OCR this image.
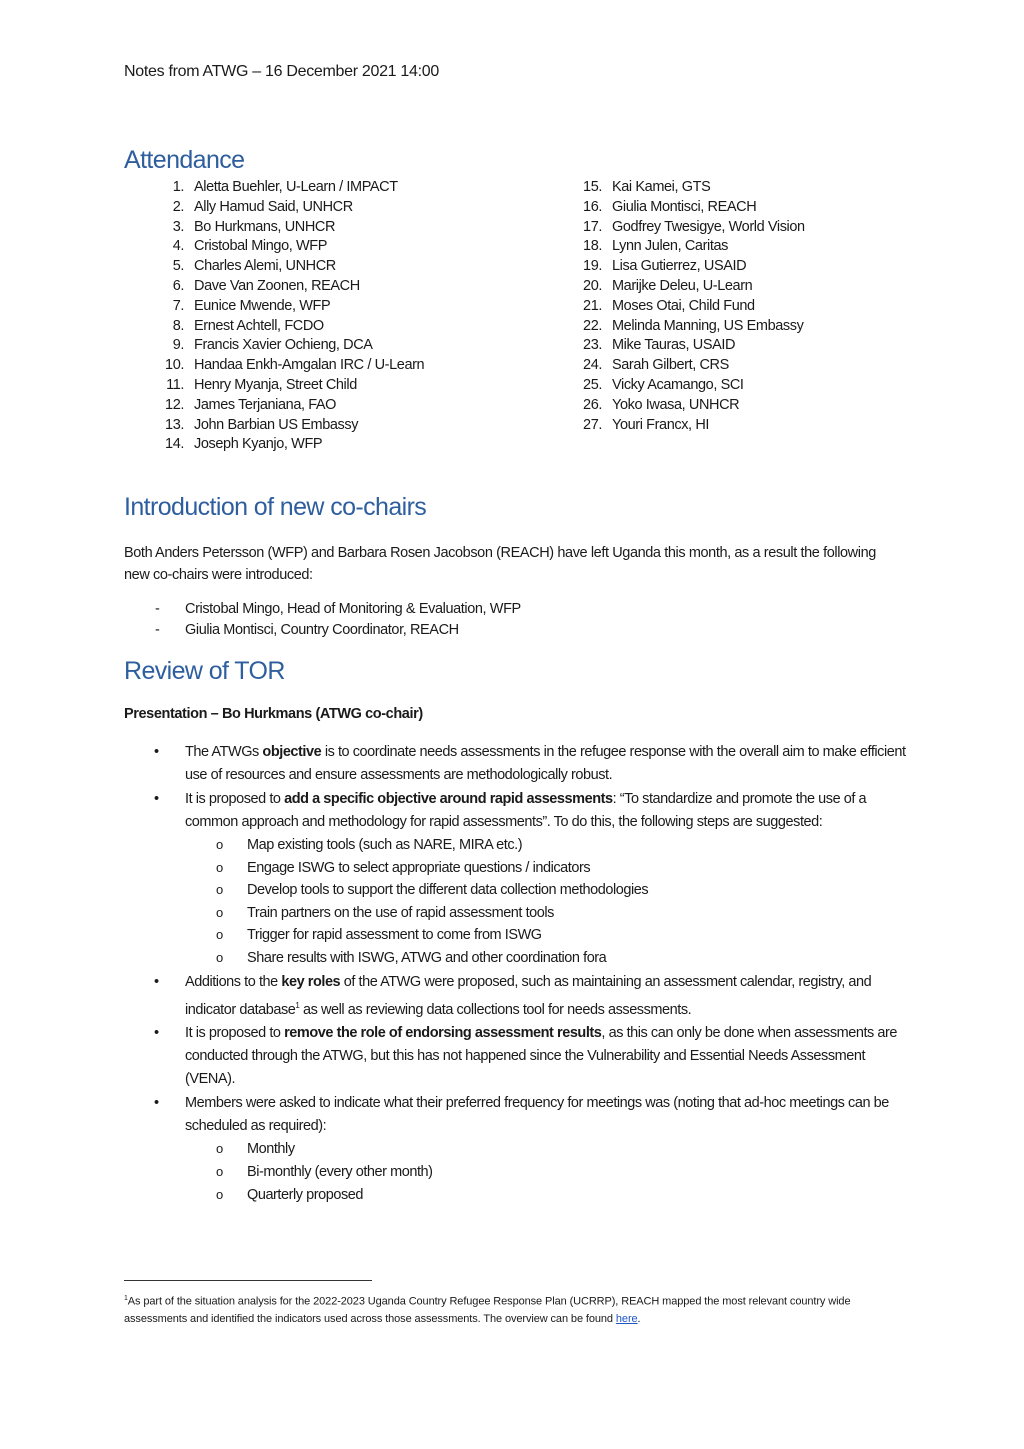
Notes from ATWG – 16 December 2021 14:00
Attendance
1. Aletta Buehler, U-Learn / IMPACT
2. Ally Hamud Said, UNHCR
3. Bo Hurkmans, UNHCR
4. Cristobal Mingo, WFP
5. Charles Alemi, UNHCR
6. Dave Van Zoonen, REACH
7. Eunice Mwende, WFP
8. Ernest Achtell, FCDO
9. Francis Xavier Ochieng, DCA
10. Handaa Enkh-Amgalan IRC / U-Learn
11. Henry Myanja, Street Child
12. James Terjaniana, FAO
13. John Barbian US Embassy
14. Joseph Kyanjo, WFP
15. Kai Kamei, GTS
16. Giulia Montisci, REACH
17. Godfrey Twesigye, World Vision
18. Lynn Julen, Caritas
19. Lisa Gutierrez, USAID
20. Marijke Deleu, U-Learn
21. Moses Otai, Child Fund
22. Melinda Manning, US Embassy
23. Mike Tauras, USAID
24. Sarah Gilbert, CRS
25. Vicky Acamango, SCI
26. Yoko Iwasa, UNHCR
27. Youri Francx, HI
Introduction of new co-chairs
Both Anders Petersson (WFP) and Barbara Rosen Jacobson (REACH) have left Uganda this month, as a result the following new co-chairs were introduced:
- Cristobal Mingo, Head of Monitoring & Evaluation, WFP
- Giulia Montisci, Country Coordinator, REACH
Review of TOR
Presentation – Bo Hurkmans (ATWG co-chair)
• The ATWGs objective is to coordinate needs assessments in the refugee response with the overall aim to make efficient use of resources and ensure assessments are methodologically robust.
• It is proposed to add a specific objective around rapid assessments: “To standardize and promote the use of a common approach and methodology for rapid assessments”. To do this, the following steps are suggested:
o Map existing tools (such as NARE, MIRA etc.)
o Engage ISWG to select appropriate questions / indicators
o Develop tools to support the different data collection methodologies
o Train partners on the use of rapid assessment tools
o Trigger for rapid assessment to come from ISWG
o Share results with ISWG, ATWG and other coordination fora
• Additions to the key roles of the ATWG were proposed, such as maintaining an assessment calendar, registry, and indicator database$^1$ as well as reviewing data collections tool for needs assessments.
• It is proposed to remove the role of endorsing assessment results, as this can only be done when assessments are conducted through the ATWG, but this has not happened since the Vulnerability and Essential Needs Assessment (VENA).
• Members were asked to indicate what their preferred frequency for meetings was (noting that ad-hoc meetings can be scheduled as required):
o Monthly
o Bi-monthly (every other month)
o Quarterly proposed
$^1$As part of the situation analysis for the 2022-2023 Uganda Country Refugee Response Plan (UCRRP), REACH mapped the most relevant country wide assessments and identified the indicators used across those assessments. The overview can be found here.
